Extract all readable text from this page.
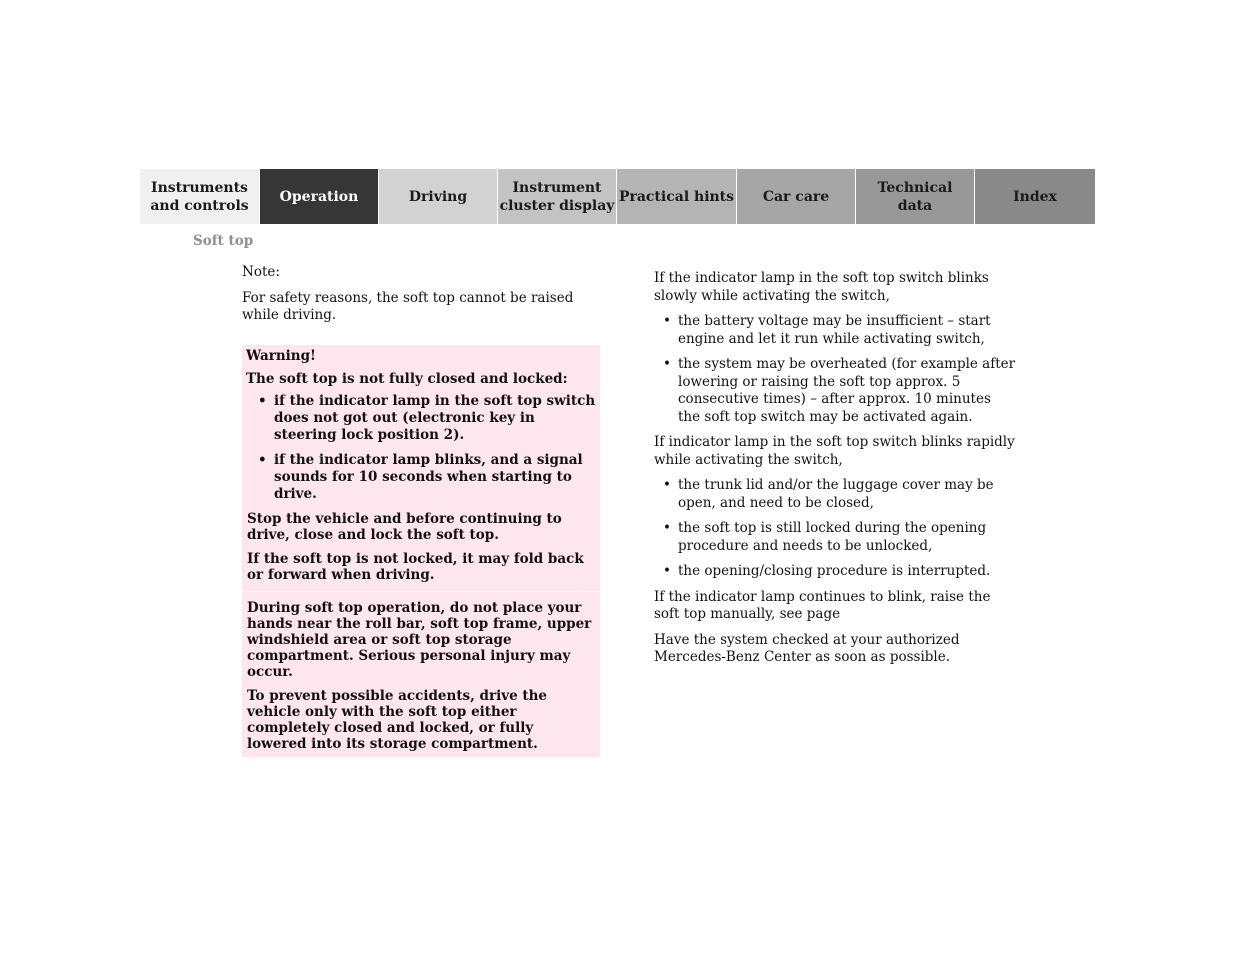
Instruments
and controls
Operation	Driving
Instrument
cluster display
Practical hints	Car care
Technical
data
Index
Soft top

Note:

For safety reasons, the soft top cannot be raised while driving.

Warning!

The soft top is not fully closed and locked:

• if the indicator lamp in the soft top switch does not got out (electronic key in steering lock position 2).
• if the indicator lamp blinks, and a signal sounds for 10 seconds when starting to drive.

Stop the vehicle and before continuing to drive, close and lock the soft top.

If the soft top is not locked, it may fold back or forward when driving.

During soft top operation, do not place your hands near the roll bar, soft top frame, upper windshield area or soft top storage compartment. Serious personal injury may occur.

To prevent possible accidents, drive the vehicle only with the soft top either completely closed and locked, or fully lowered into its storage compartment.

If the indicator lamp in the soft top switch blinks slowly while activating the switch,

• the battery voltage may be insufficient – start engine and let it run while activating switch,
• the system may be overheated (for example after lowering or raising the soft top approx. 5 consecutive times) – after approx. 10 minutes the soft top switch may be activated again.

If indicator lamp in the soft top switch blinks rapidly while activating the switch,

• the trunk lid and/or the luggage cover may be open, and need to be closed,
• the soft top is still locked during the opening procedure and needs to be unlocked,
• the opening/closing procedure is interrupted.

If the indicator lamp continues to blink, raise the soft top manually, see page

Have the system checked at your authorized Mercedes-Benz Center as soon as possible.
